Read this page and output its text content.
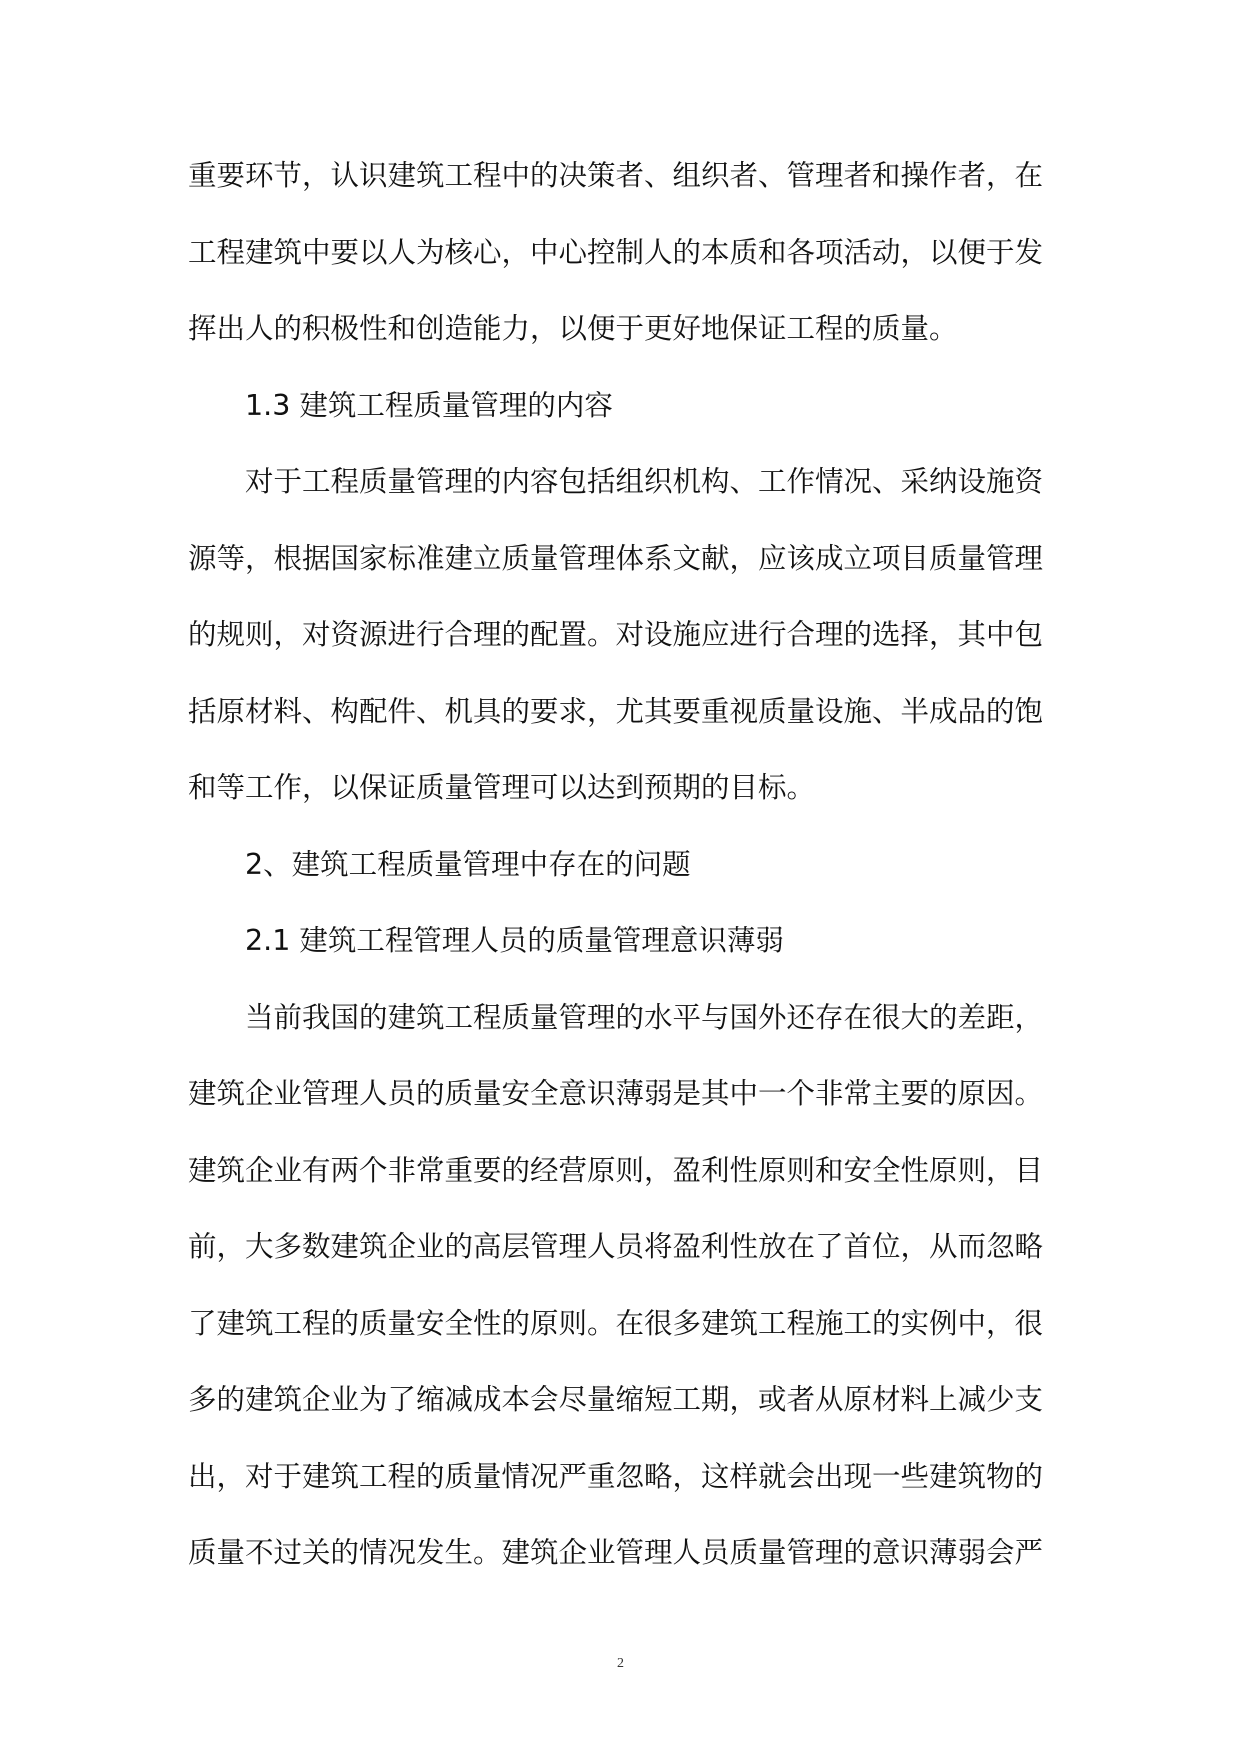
重要环节，认识建筑工程中的决策者、组织者、管理者和操作者，在
工程建筑中要以人为核心，中心控制人的本质和各项活动，以便于发
挥出人的积极性和创造能力，以便于更好地保证工程的质量。
1.3 建筑工程质量管理的内容
对于工程质量管理的内容包括组织机构、工作情况、采纳设施资
源等，根据国家标准建立质量管理体系文献，应该成立项目质量管理
的规则，对资源进行合理的配置。对设施应进行合理的选择，其中包
括原材料、构配件、机具的要求，尤其要重视质量设施、半成品的饱
和等工作，以保证质量管理可以达到预期的目标。
2、建筑工程质量管理中存在的问题
2.1 建筑工程管理人员的质量管理意识薄弱
当前我国的建筑工程质量管理的水平与国外还存在很大的差距，
建筑企业管理人员的质量安全意识薄弱是其中一个非常主要的原因。
建筑企业有两个非常重要的经营原则，盈利性原则和安全性原则，目
前，大多数建筑企业的高层管理人员将盈利性放在了首位，从而忽略
了建筑工程的质量安全性的原则。在很多建筑工程施工的实例中，很
多的建筑企业为了缩减成本会尽量缩短工期，或者从原材料上减少支
出，对于建筑工程的质量情况严重忽略，这样就会出现一些建筑物的
质量不过关的情况发生。建筑企业管理人员质量管理的意识薄弱会严
2
